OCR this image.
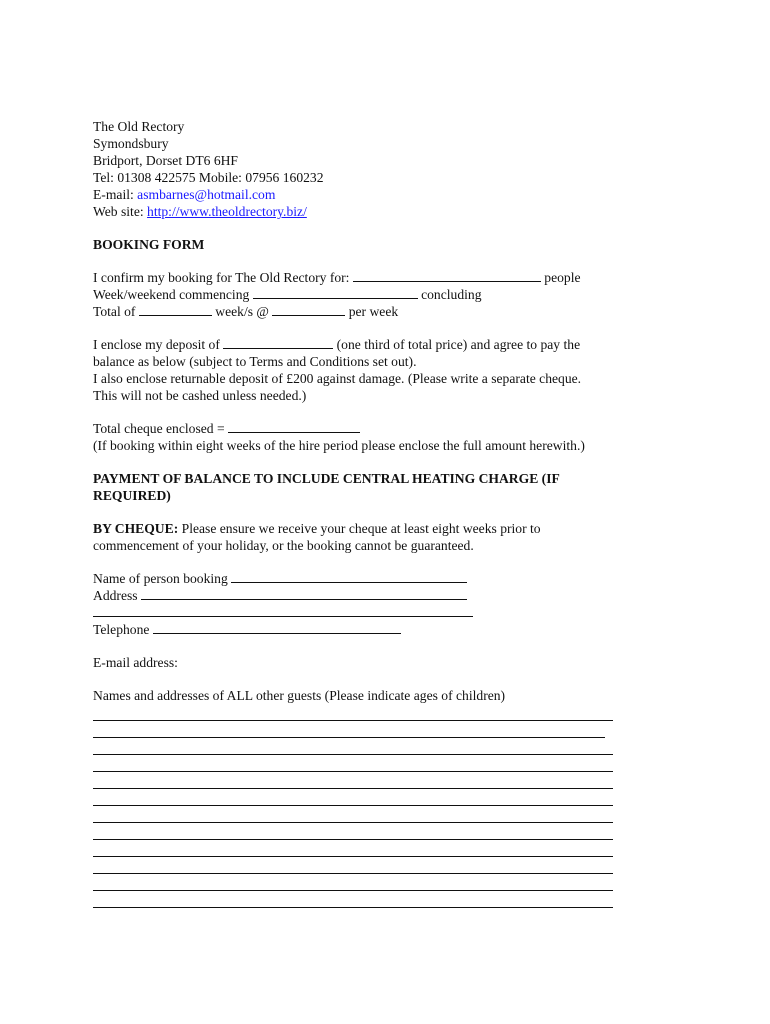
The Old Rectory
Symondsbury
Bridport, Dorset DT6 6HF
Tel: 01308 422575 Mobile: 07956 160232
E-mail: asmbarnes@hotmail.com
Web site: http://www.theoldrectory.biz/
BOOKING FORM
I confirm my booking for The Old Rectory for:	people
Week/weekend commencing	concluding
Total of	week/s @	per week
I enclose my deposit of	(one third of total price) and agree to pay the
balance as below (subject to Terms and Conditions set out).
I also enclose returnable deposit of £200 against damage. (Please write a separate cheque.
This will not be cashed unless needed.)
Total cheque enclosed =
(If booking within eight weeks of the hire period please enclose the full amount herewith.)
PAYMENT OF BALANCE TO INCLUDE CENTRAL HEATING CHARGE (IF
REQUIRED)
BY CHEQUE: Please ensure we receive your cheque at least eight weeks prior to
commencement of your holiday, or the booking cannot be guaranteed.
Name of person booking
Address
Telephone
E-mail address:
Names and addresses of ALL other guests (Please indicate ages of children)
